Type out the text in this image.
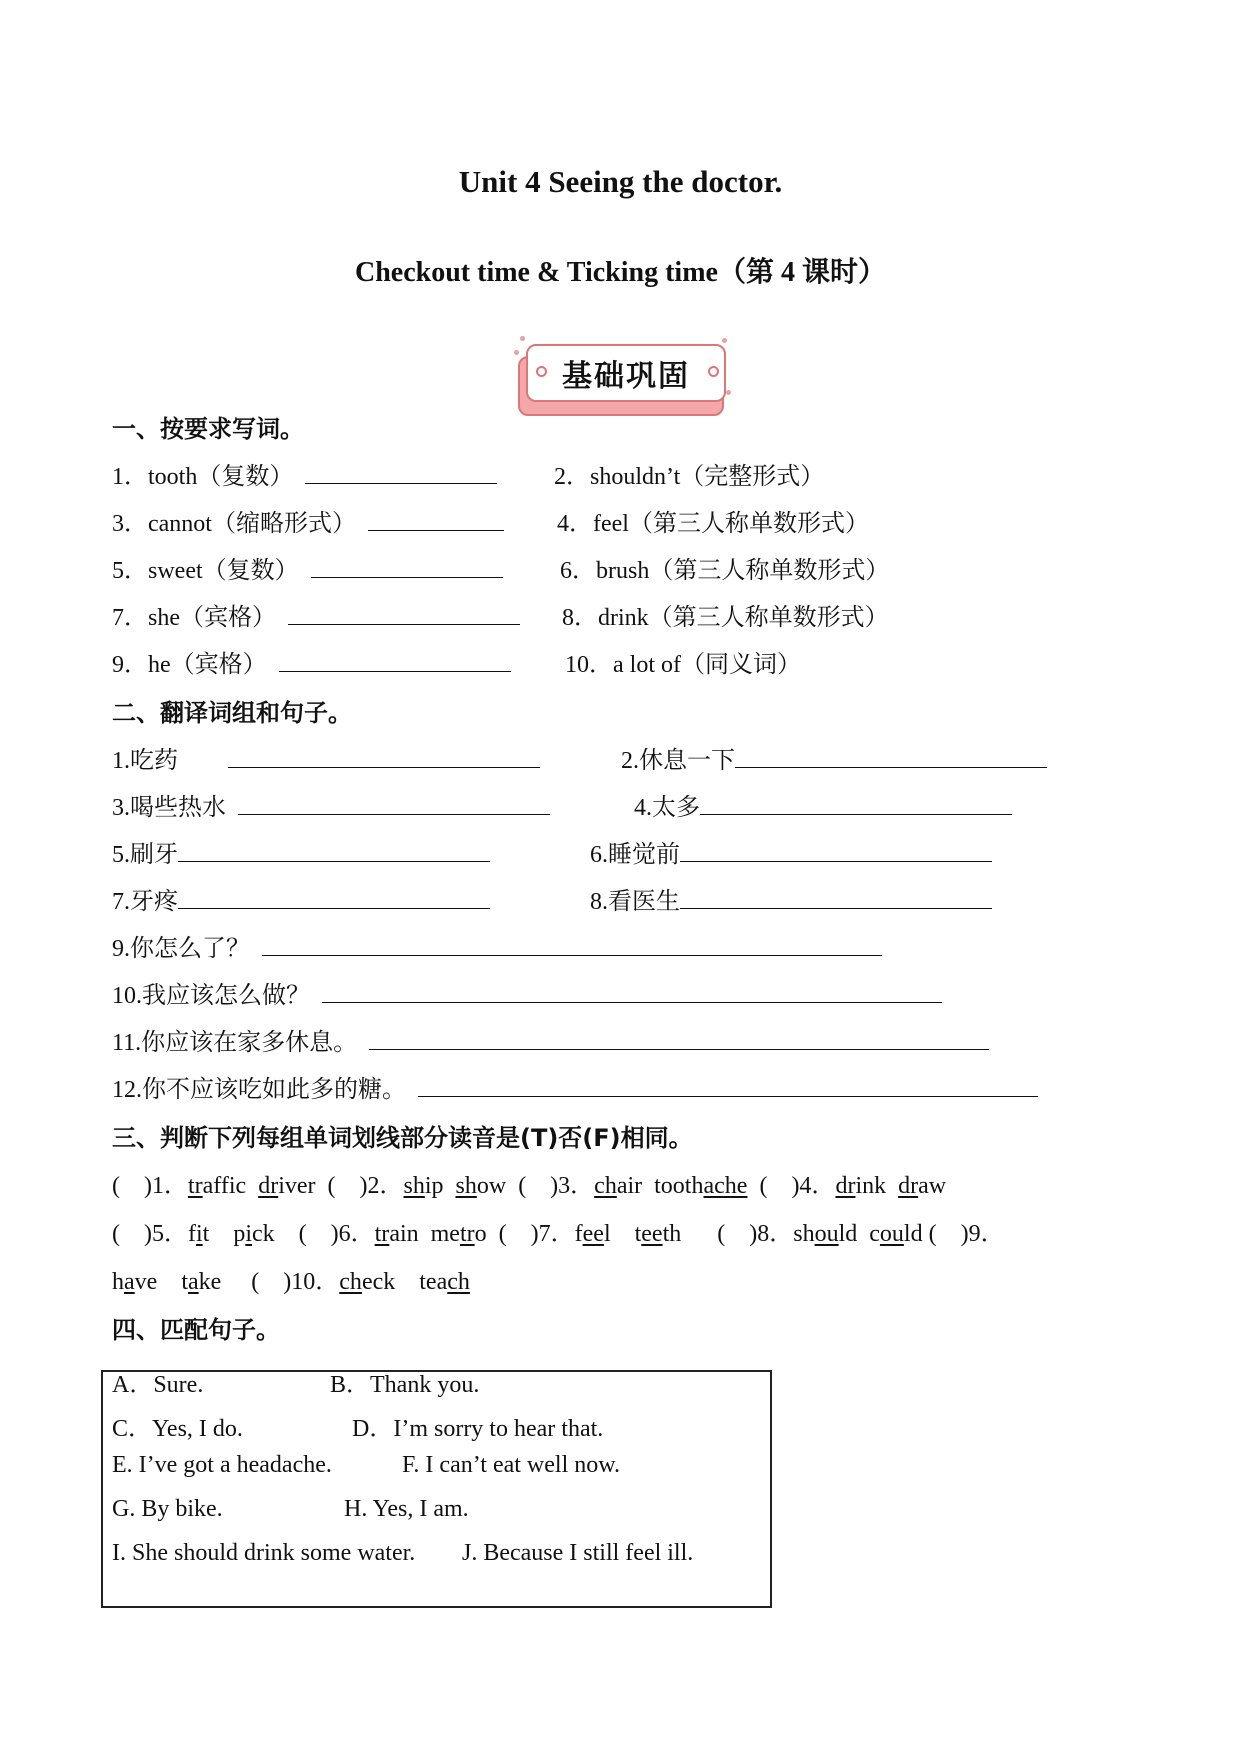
Unit 4 Seeing the doctor.
Checkout time & Ticking time（第 4 课时）
基础巩固
一、按要求写词。
1．tooth（复数）	2．shouldn’t（完整形式）
3．cannot（缩略形式）	4．feel（第三人称单数形式）
5．sweet（复数）	6．brush（第三人称单数形式）
7．she（宾格）	8．drink（第三人称单数形式）
9．he（宾格）	10．a lot of（同义词）
二、翻译词组和句子。
1.吃药	2.休息一下
3.喝些热水	4.太多
5.刷牙	6.睡觉前
7.牙疼	8.看医生
9.你怎么了？
10.我应该怎么做？
11.你应该在家多休息。
12.你不应该吃如此多的糖。
三、判断下列每组单词划线部分读音是(T)否(F)相同。
(　)1．traffic driver (　)2．ship show (　)3．chair toothache (　)4．drink draw
(　)5．fit pick (　)6．train metro (　)7．feel teeth (　)8．should could (　)9．
have take (　)10．check teach
四、匹配句子。
A．Sure.	B．Thank you.
C．Yes, I do.	D．I’m sorry to hear that.
E. I’ve got a headache.	F. I can’t eat well now.
G. By bike.	H. Yes, I am.
I. She should drink some water. J. Because I still feel ill.
